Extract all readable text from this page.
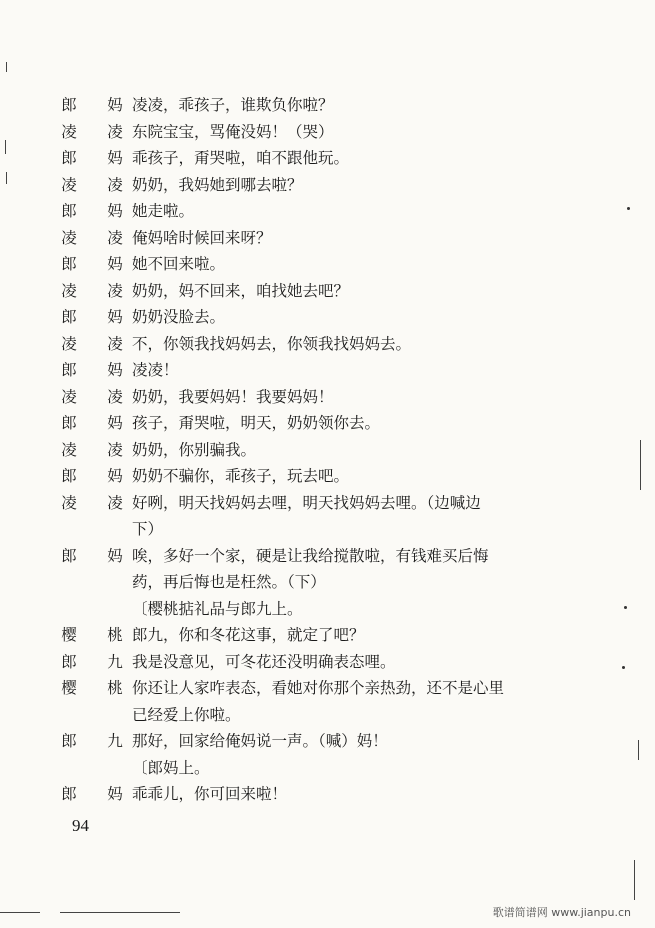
郎 妈 凌凌，乖孩子，谁欺负你啦？
凌 凌 东院宝宝，骂俺没妈！（哭）
郎 妈 乖孩子，甭哭啦，咱不跟他玩。
凌 凌 奶奶，我妈她到哪去啦？
郎 妈 她走啦。
凌 凌 俺妈啥时候回来呀？
郎 妈 她不回来啦。
凌 凌 奶奶，妈不回来，咱找她去吧？
郎 妈 奶奶没脸去。
凌 凌 不，你领我找妈妈去，你领我找妈妈去。
郎 妈 凌凌！
凌 凌 奶奶，我要妈妈！我要妈妈！
郎 妈 孩子，甭哭啦，明天，奶奶领你去。
凌 凌 奶奶，你别骗我。
郎 妈 奶奶不骗你，乖孩子，玩去吧。
凌 凌 好咧，明天找妈妈去哩，明天找妈妈去哩。（边喊边
下）
郎 妈 唉，多好一个家，硬是让我给搅散啦，有钱难买后悔
药，再后悔也是枉然。（下）
〔樱桃掂礼品与郎九上。
樱 桃 郎九，你和冬花这事，就定了吧？
郎 九 我是没意见，可冬花还没明确表态哩。
樱 桃 你还让人家咋表态，看她对你那个亲热劲，还不是心里
已经爱上你啦。
郎 九 那好，回家给俺妈说一声。（喊）妈！
〔郎妈上。
郎 妈 乖乖儿，你可回来啦！
94
歌谱简谱网 www.jianpu.cn
